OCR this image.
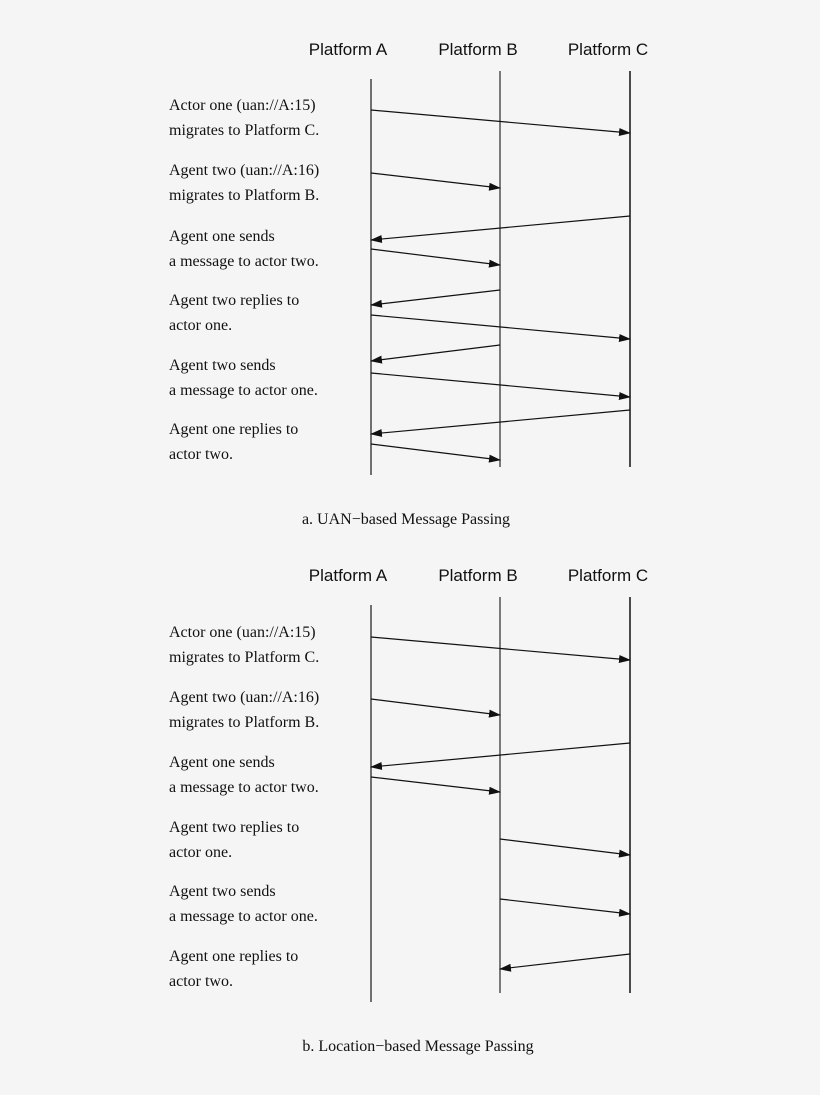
Platform A	Platform B	Platform C
Actor one (uan://A:15)
migrates to Platform C.
Agent two (uan://A:16)
migrates to Platform B.
Agent one sends
a message to actor two.
Agent two replies to
actor one.
Agent two sends
a message to actor one.
Agent one replies to
actor two.
a. UAN−based Message Passing
Platform A	Platform B	Platform C
Actor one (uan://A:15)
migrates to Platform C.
Agent two (uan://A:16)
migrates to Platform B.
Agent one sends
a message to actor two.
Agent two replies to
actor one.
Agent two sends
a message to actor one.
Agent one replies to
actor two.
b. Location−based Message Passing
